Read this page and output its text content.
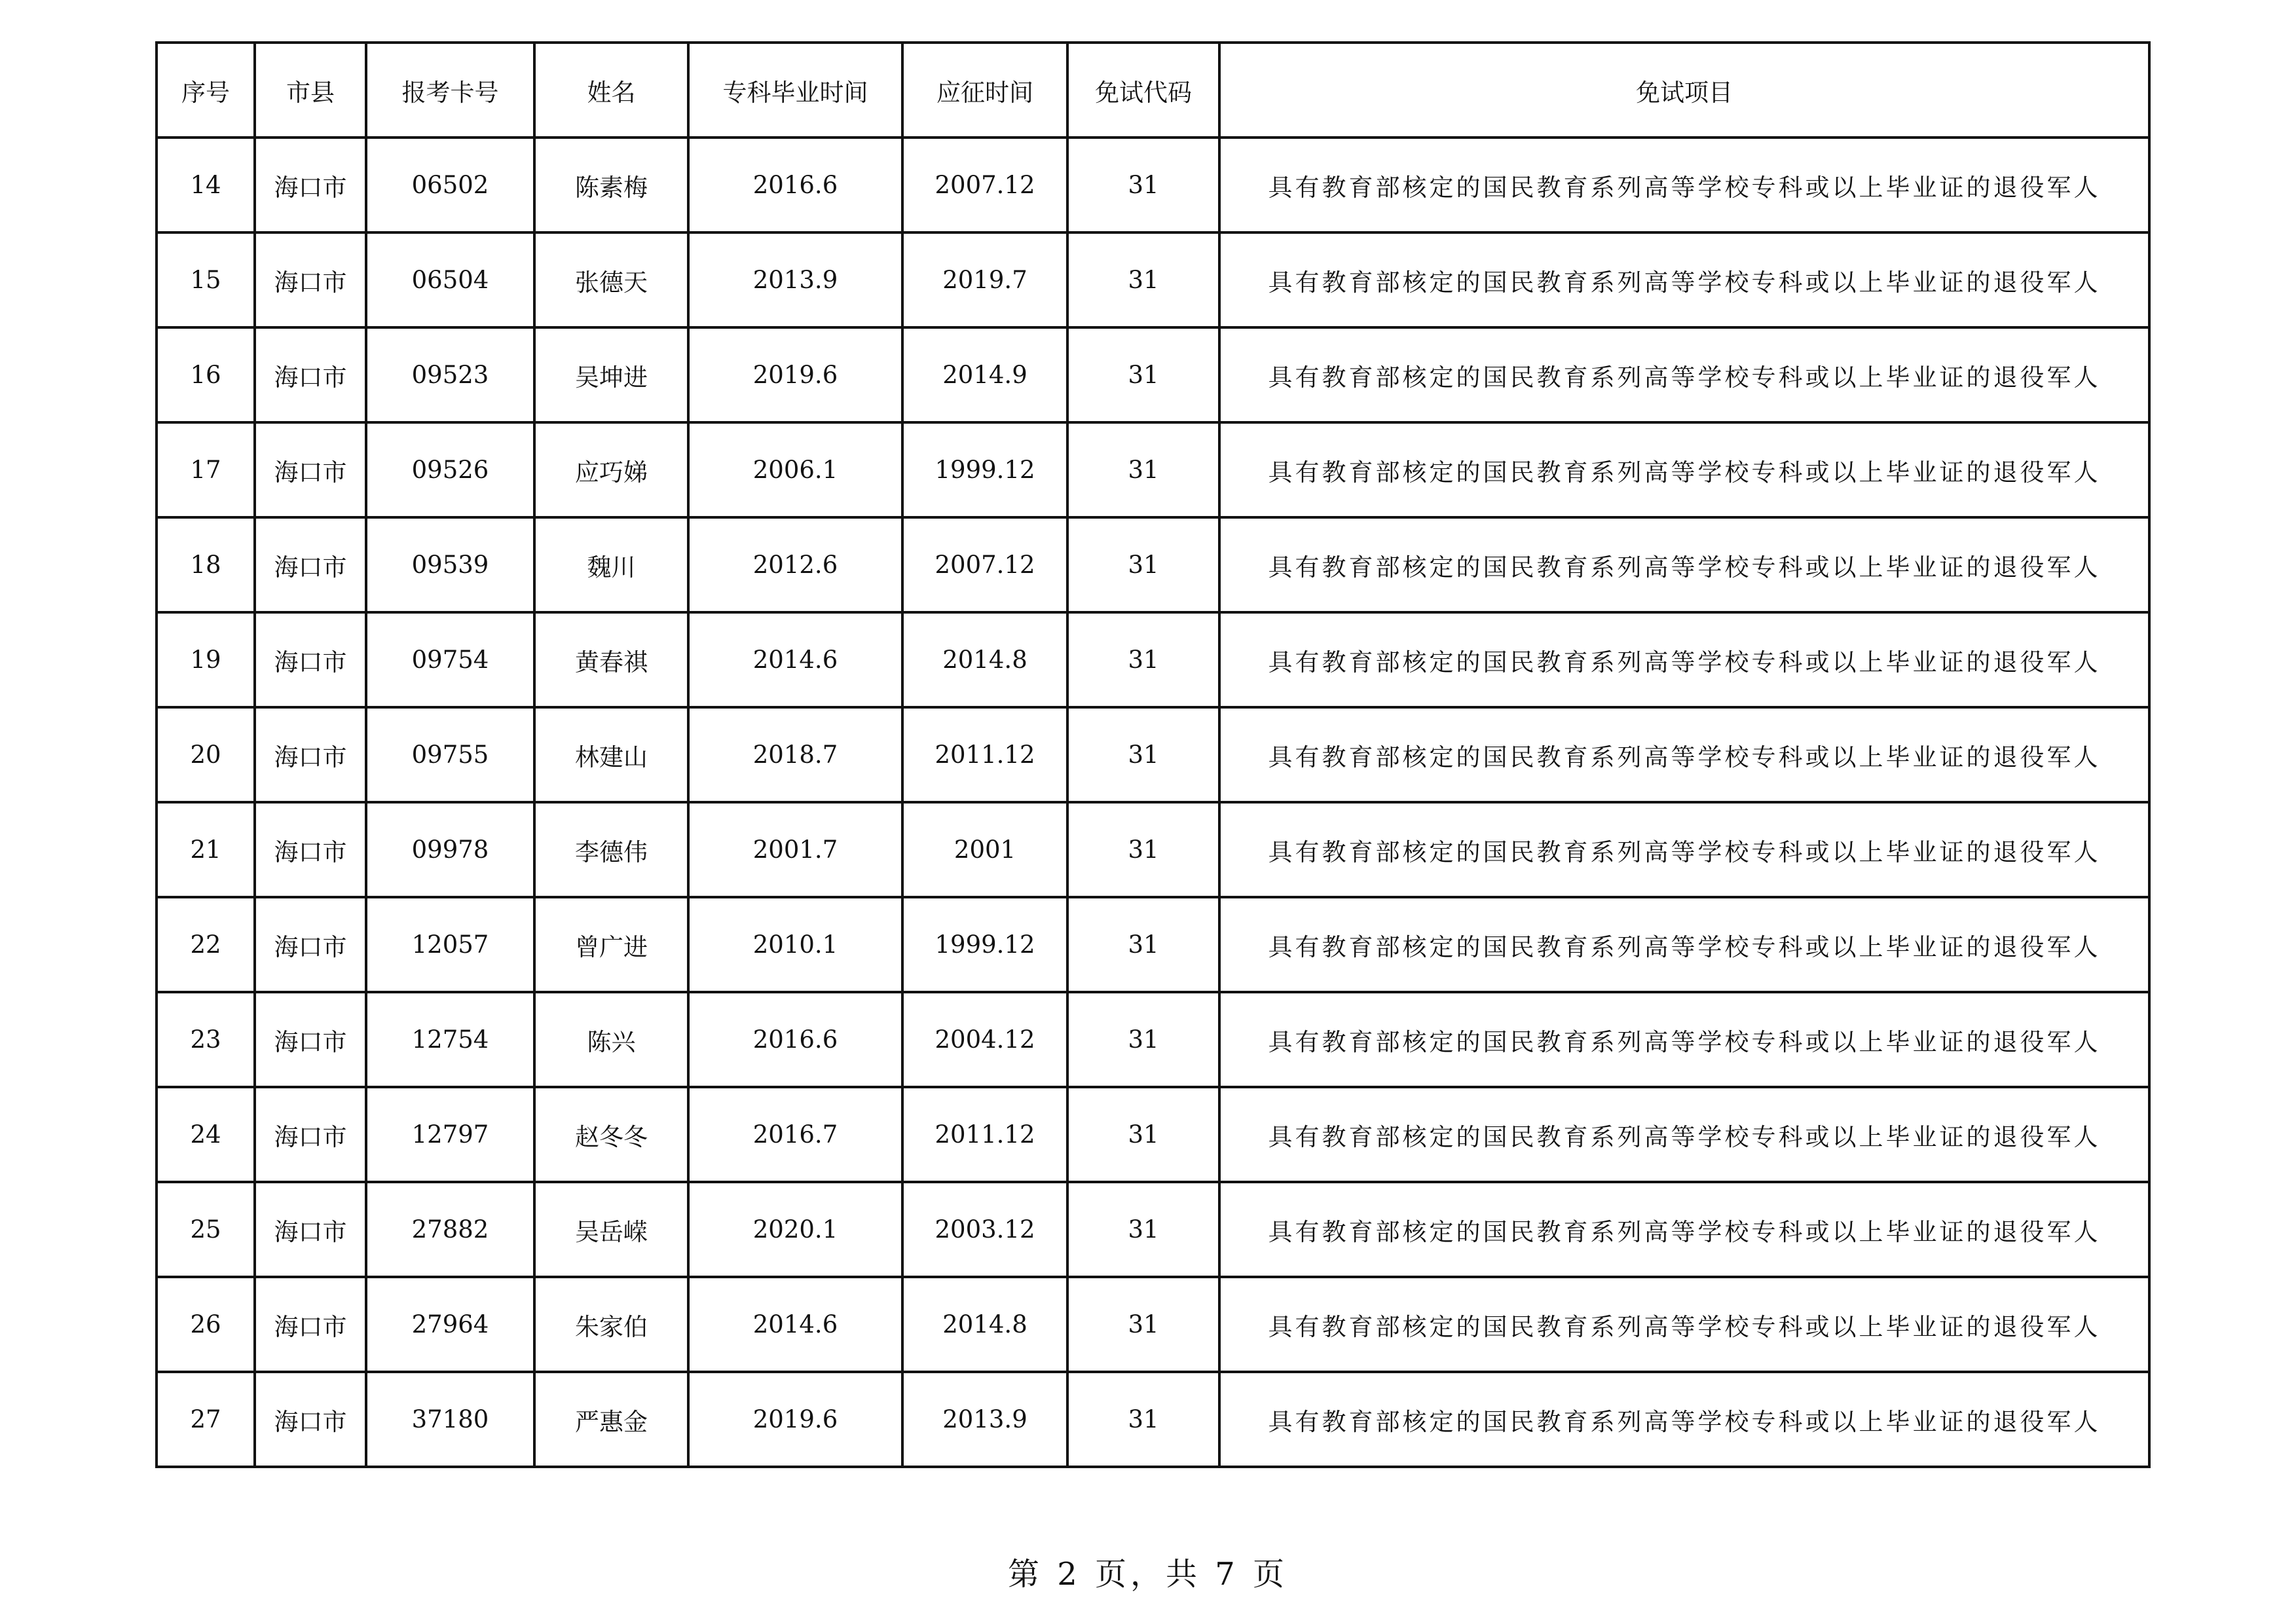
序号	市县	报考卡号	姓名	专科毕业时间	应征时间	免试代码	免试项目
14	海口市	06502	陈素梅	2016.6	2007.12	31	具有教育部核定的国民教育系列高等学校专科或以上毕业证的退役军人
15	海口市	06504	张德天	2013.9	2019.7	31	具有教育部核定的国民教育系列高等学校专科或以上毕业证的退役军人
16	海口市	09523	吴坤进	2019.6	2014.9	31	具有教育部核定的国民教育系列高等学校专科或以上毕业证的退役军人
17	海口市	09526	应巧娣	2006.1	1999.12	31	具有教育部核定的国民教育系列高等学校专科或以上毕业证的退役军人
18	海口市	09539	魏川	2012.6	2007.12	31	具有教育部核定的国民教育系列高等学校专科或以上毕业证的退役军人
19	海口市	09754	黄春祺	2014.6	2014.8	31	具有教育部核定的国民教育系列高等学校专科或以上毕业证的退役军人
20	海口市	09755	林建山	2018.7	2011.12	31	具有教育部核定的国民教育系列高等学校专科或以上毕业证的退役军人
21	海口市	09978	李德伟	2001.7	2001	31	具有教育部核定的国民教育系列高等学校专科或以上毕业证的退役军人
22	海口市	12057	曾广进	2010.1	1999.12	31	具有教育部核定的国民教育系列高等学校专科或以上毕业证的退役军人
23	海口市	12754	陈兴	2016.6	2004.12	31	具有教育部核定的国民教育系列高等学校专科或以上毕业证的退役军人
24	海口市	12797	赵冬冬	2016.7	2011.12	31	具有教育部核定的国民教育系列高等学校专科或以上毕业证的退役军人
25	海口市	27882	吴岳嵘	2020.1	2003.12	31	具有教育部核定的国民教育系列高等学校专科或以上毕业证的退役军人
26	海口市	27964	朱家伯	2014.6	2014.8	31	具有教育部核定的国民教育系列高等学校专科或以上毕业证的退役军人
27	海口市	37180	严惠金	2019.6	2013.9	31	具有教育部核定的国民教育系列高等学校专科或以上毕业证的退役军人
第 2 页，共 7 页
